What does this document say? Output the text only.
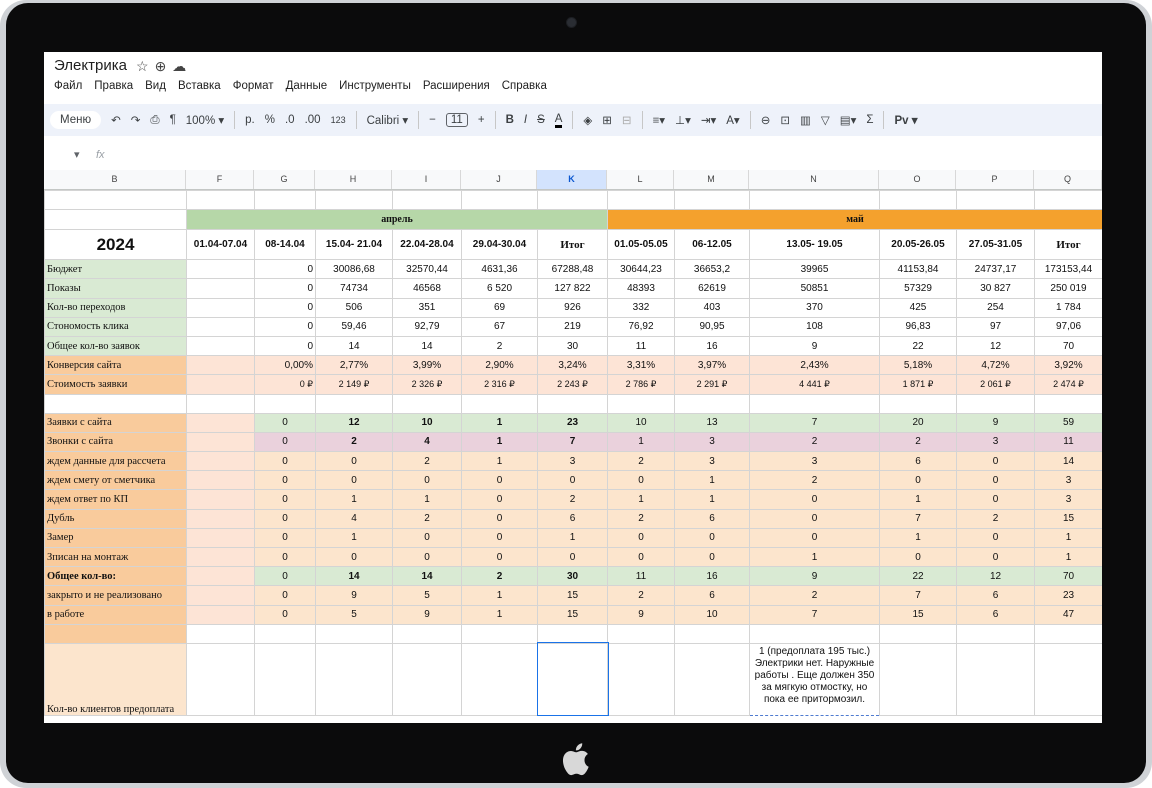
Электрика ☆⊕☁
Файл Правка Вид Вставка Формат Данные Инструменты Расширения Справка
Меню	↶ ↷ ⎙ ¶ 100% ▾ р. % .0 .00 123 Calibri ▾ −	11	+ B I S A ◈ ⊞ ⊟ ≡▾ ⊥▾ ⇥▾ A▾ ⊖ ⊡ ▥ ▽ ▤▾ Σ Pv ▾
▾ fx
B	F	G	H	I	J	K	L	M	N	O	P	Q

	апрель						май					
2024	01.04-07.04	08-14.04	15.04- 21.04	22.04-28.04	29.04-30.04	Итог	01.05-05.05	06-12.05	13.05- 19.05	20.05-26.05	27.05-31.05	Итог
Бюджет		0	30086,68	32570,44	4631,36	67288,48	30644,23	36653,2	39965	41153,84	24737,17	173153,44
Показы		0	74734	46568	6 520	127 822	48393	62619	50851	57329	30 827	250 019
Кол-во переходов		0	506	351	69	926	332	403	370	425	254	1 784
Стономость клика		0	59,46	92,79	67	219	76,92	90,95	108	96,83	97	97,06
Общее кол-во заявок		0	14	14	2	30	11	16	9	22	12	70
Конверсия сайта		0,00%	2,77%	3,99%	2,90%	3,24%	3,31%	3,97%	2,43%	5,18%	4,72%	3,92%
Стоимость заявки		0 ₽	2 149 ₽	2 326 ₽	2 316 ₽	2 243 ₽	2 786 ₽	2 291 ₽	4 441 ₽	1 871 ₽	2 061 ₽	2 474 ₽

Заявки с сайта		0	12	10	1	23	10	13	7	20	9	59
Звонки с сайта		0	2	4	1	7	1	3	2	2	3	11
ждем данные для рассчета		0	0	2	1	3	2	3	3	6	0	14
ждем смету от сметчика		0	0	0	0	0	0	1	2	0	0	3
ждем ответ по КП		0	1	1	0	2	1	1	0	1	0	3
Дубль		0	4	2	0	6	2	6	0	7	2	15
Замер		0	1	0	0	1	0	0	0	1	0	1
Зписан на монтаж		0	0	0	0	0	0	0	1	0	0	1
Общее кол-во:		0	14	14	2	30	11	16	9	22	12	70
закрыто и не реализовано		0	9	5	1	15	2	6	2	7	6	23
в работе		0	5	9	1	15	9	10	7	15	6	47

Кол-во клиентов предоплата									1 (предоплата 195 тыс.) Электрики нет. Наружные работы . Еще должен 350 за мягкую отмостку, но пока ее притормозил.			
